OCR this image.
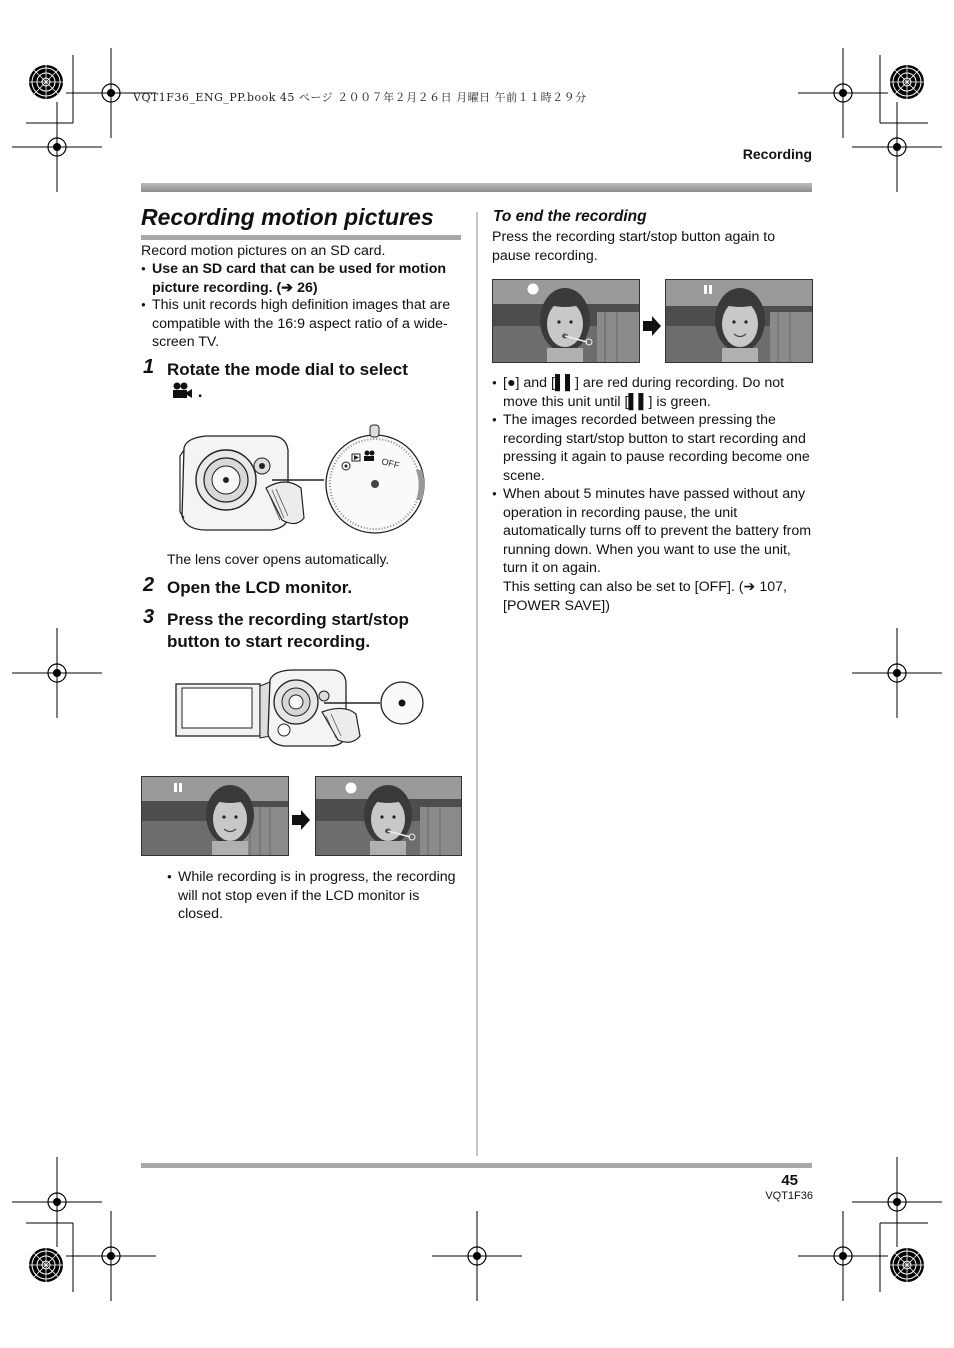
VQT1F36_ENG_PP.book 45 ページ ２００７年２月２６日 月曜日 午前１１時２９分
Recording
Recording motion pictures
Record motion pictures on an SD card.
● Use an SD card that can be used for motion picture recording. (➔ 26)
● This unit records high definition images that are compatible with the 16:9 aspect ratio of a wide-screen TV.
1 Rotate the mode dial to select
.
OFF
The lens cover opens automatically.
2 Open the LCD monitor.
3 Press the recording start/stop button to start recording.
● While recording is in progress, the recording will not stop even if the LCD monitor is closed.
To end the recording
Press the recording start/stop button again to pause recording.
● [●] and [▌▌] are red during recording. Do not move this unit until [▌▌] is green.
● The images recorded between pressing the recording start/stop button to start recording and pressing it again to pause recording become one scene.
● When about 5 minutes have passed without any operation in recording pause, the unit automatically turns off to prevent the battery from running down. When you want to use the unit, turn it on again.
This setting can also be set to [OFF]. (➔ 107, [POWER SAVE])
45
VQT1F36
